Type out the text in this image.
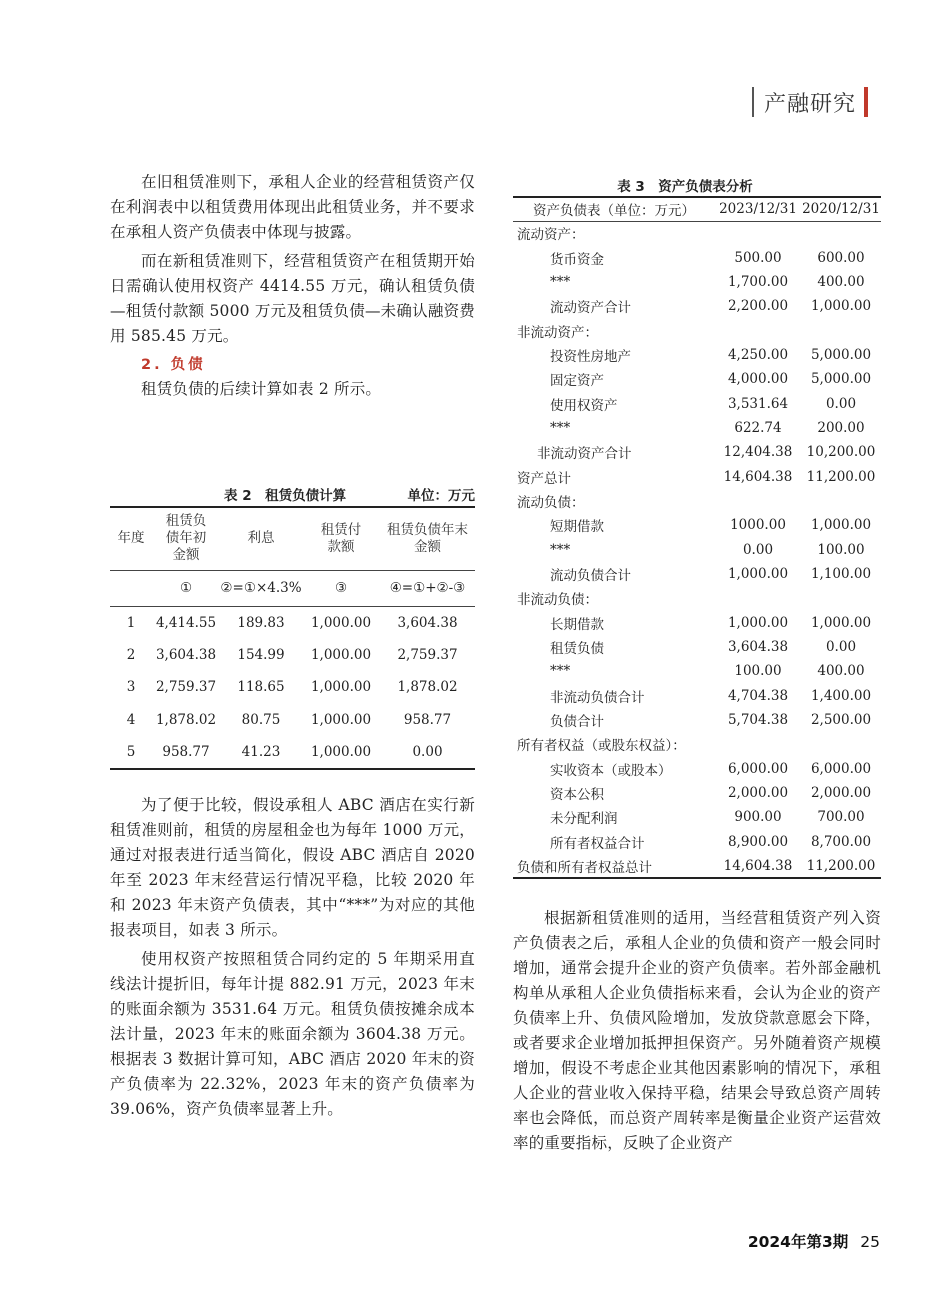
产融研究

在旧租赁准则下，承租人企业的经营租赁资产仅在利润表中以租赁费用体现出此租赁业务，并不要求在承租人资产负债表中体现与披露。

而在新租赁准则下，经营租赁资产在租赁期开始日需确认使用权资产 4414.55 万元，确认租赁负债—租赁付款额 5000 万元及租赁负债—未确认融资费用 585.45 万元。

2. 负债

租赁负债的后续计算如表 2 所示。

表 2　租赁负债计算	单位：万元
年度	租赁负债年初金额	利息	租赁付款额	租赁负债年末金额

	①	②=①×4.3%	③	④=①+②-③
1	4,414.55	189.83	1,000.00	3,604.38
2	3,604.38	154.99	1,000.00	2,759.37
3	2,759.37	118.65	1,000.00	1,878.02
4	1,878.02	80.75	1,000.00	958.77
5	958.77	41.23	1,000.00	0.00

为了便于比较，假设承租人 ABC 酒店在实行新租赁准则前，租赁的房屋租金也为每年 1000 万元，通过对报表进行适当简化，假设 ABC 酒店自 2020 年至 2023 年末经营运行情况平稳，比较 2020 年和 2023 年末资产负债表，其中“***”为对应的其他报表项目，如表 3 所示。

使用权资产按照租赁合同约定的 5 年期采用直线法计提折旧，每年计提 882.91 万元，2023 年末的账面余额为 3531.64 万元。租赁负债按摊余成本法计量，2023 年末的账面余额为 3604.38 万元。根据表 3 数据计算可知，ABC 酒店 2020 年末的资产负债率为 22.32%，2023 年末的资产负债率为 39.06%，资产负债率显著上升。

表 3　资产负债表分析
资产负债表（单位：万元）	2023/12/31	2020/12/31
流动资产：		
货币资金	500.00	600.00
***	1,700.00	400.00
流动资产合计	2,200.00	1,000.00
非流动资产：		
投资性房地产	4,250.00	5,000.00
固定资产	4,000.00	5,000.00
使用权资产	3,531.64	0.00
***	622.74	200.00
非流动资产合计	12,404.38	10,200.00
资产总计	14,604.38	11,200.00
流动负债：		
短期借款	1000.00	1,000.00
***	0.00	100.00
流动负债合计	1,000.00	1,100.00
非流动负债：		
长期借款	1,000.00	1,000.00
租赁负债	3,604.38	0.00
***	100.00	400.00
非流动负债合计	4,704.38	1,400.00
负债合计	5,704.38	2,500.00
所有者权益（或股东权益）：		
实收资本（或股本）	6,000.00	6,000.00
资本公积	2,000.00	2,000.00
未分配利润	900.00	700.00
所有者权益合计	8,900.00	8,700.00
负债和所有者权益总计	14,604.38	11,200.00

根据新租赁准则的适用，当经营租赁资产列入资产负债表之后，承租人企业的负债和资产一般会同时增加，通常会提升企业的资产负债率。若外部金融机构单从承租人企业负债指标来看，会认为企业的资产负债率上升、负债风险增加，发放贷款意愿会下降，或者要求企业增加抵押担保资产。另外随着资产规模增加，假设不考虑企业其他因素影响的情况下，承租人企业的营业收入保持平稳，结果会导致总资产周转率也会降低，而总资产周转率是衡量企业资产运营效率的重要指标，反映了企业资产

2024年第3期 25
